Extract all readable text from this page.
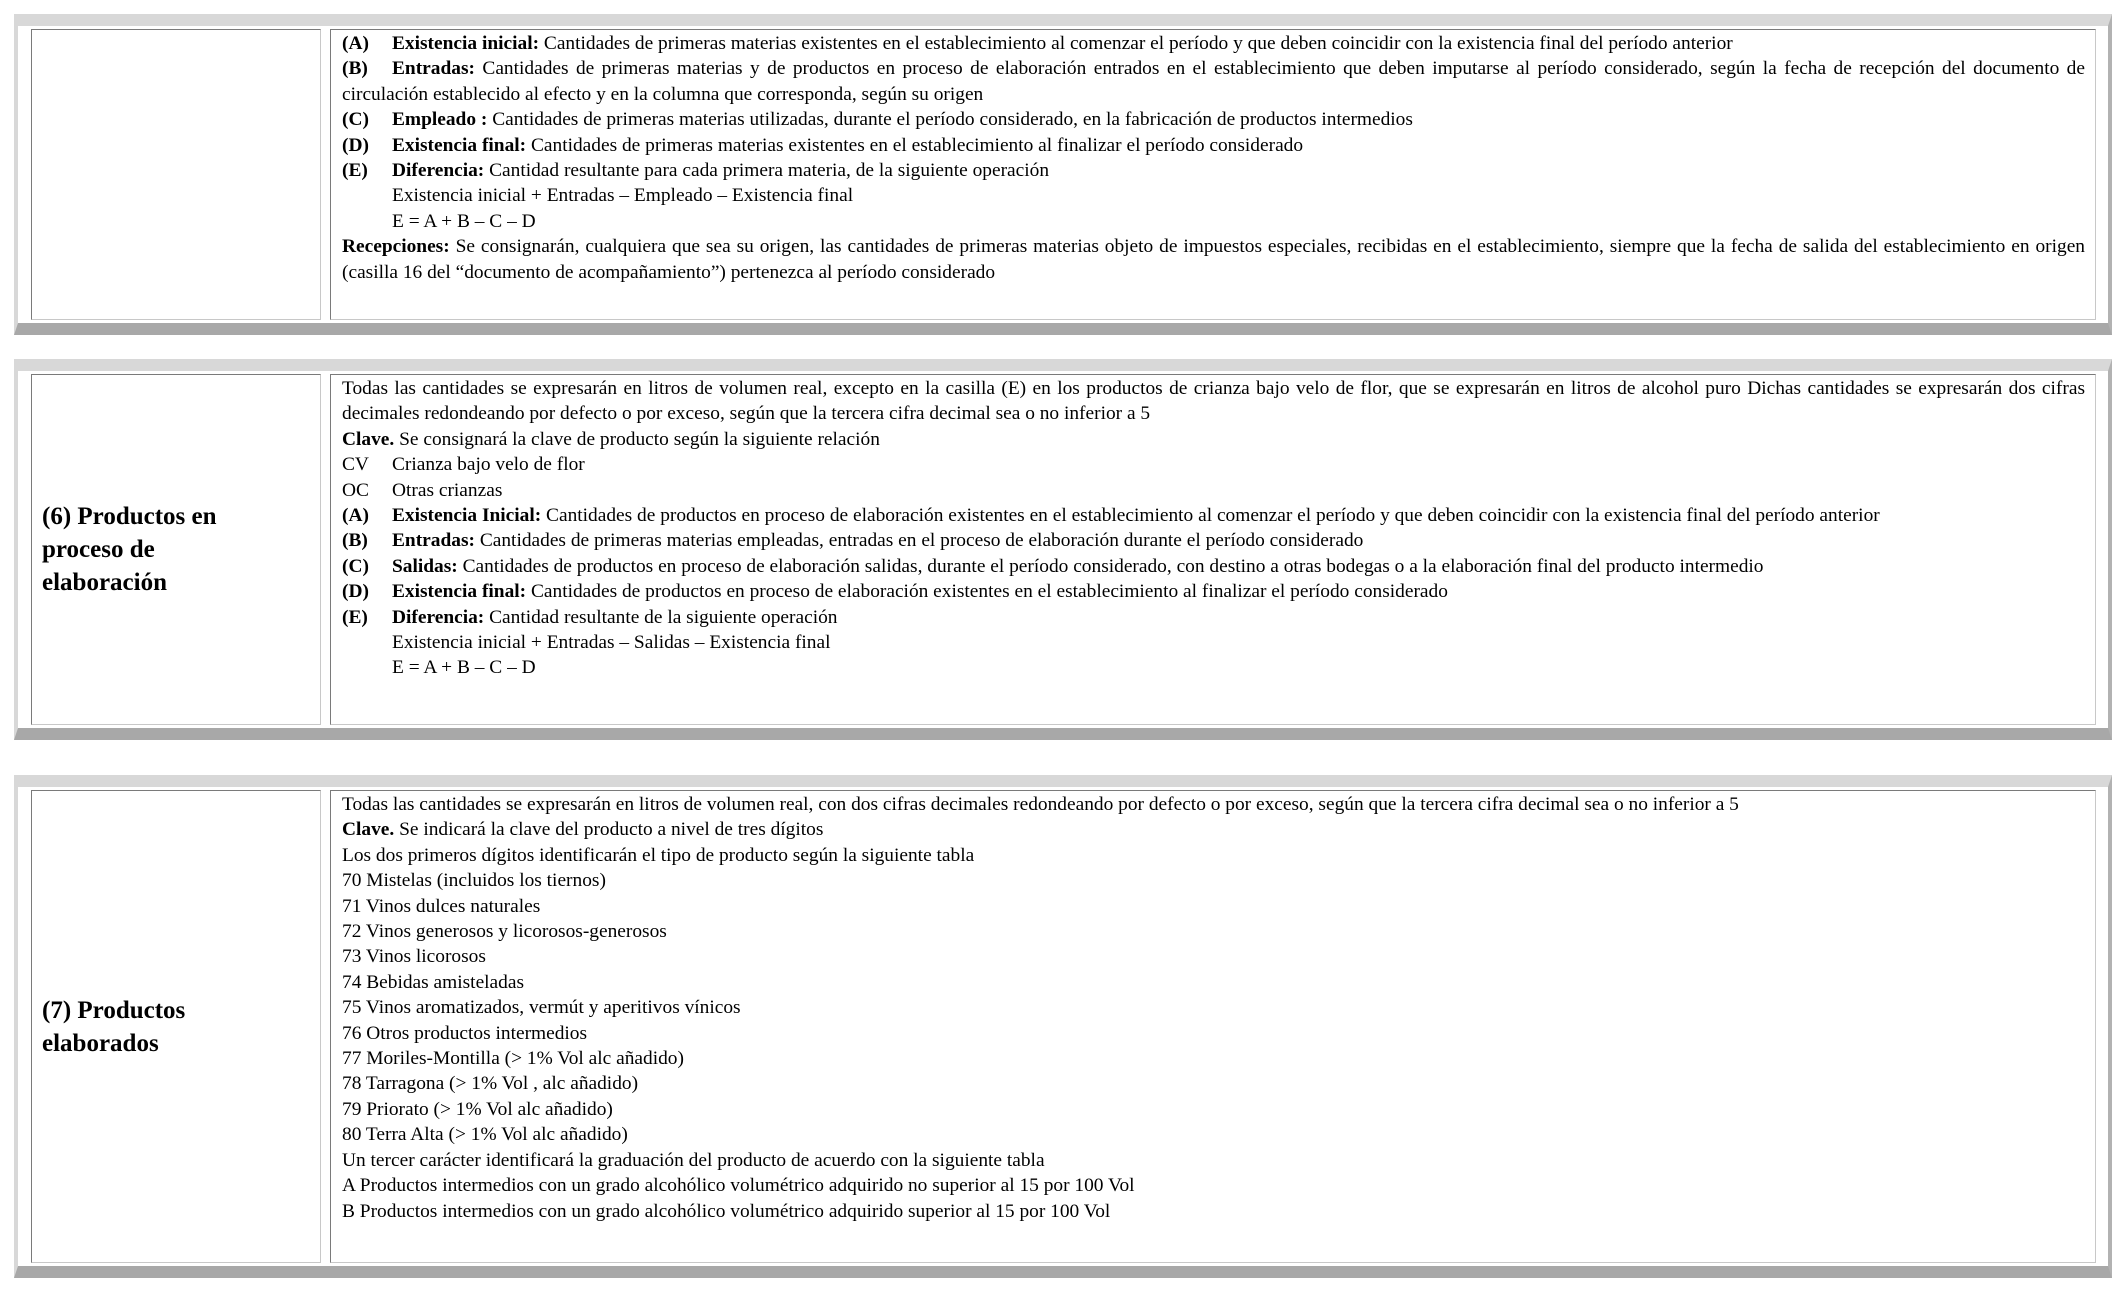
(A) Existencia inicial: Cantidades de primeras materias existentes en el establecimiento al comenzar el período y que deben coincidir con la existencia final del período anterior
(B) Entradas: Cantidades de primeras materias y de productos en proceso de elaboración entrados en el establecimiento que deben imputarse al período considerado, según la fecha de recepción del documento de circulación establecido al efecto y en la columna que corresponda, según su origen
(C) Empleado : Cantidades de primeras materias utilizadas, durante el período considerado, en la fabricación de productos intermedios
(D) Existencia final: Cantidades de primeras materias existentes en el establecimiento al finalizar el período considerado
(E) Diferencia: Cantidad resultante para cada primera materia, de la siguiente operación
Existencia inicial + Entradas – Empleado – Existencia final
E = A + B – C – D
Recepciones: Se consignarán, cualquiera que sea su origen, las cantidades de primeras materias objeto de impuestos especiales, recibidas en el establecimiento, siempre que la fecha de salida del establecimiento en origen (casilla 16 del “documento de acompañamiento”) pertenezca al período considerado
(6) Productos en
proceso de
elaboración
Todas las cantidades se expresarán en litros de volumen real, excepto en la casilla (E) en los productos de crianza bajo velo de flor, que se expresarán en litros de alcohol puro Dichas cantidades se expresarán dos cifras decimales redondeando por defecto o por exceso, según que la tercera cifra decimal sea o no inferior a 5
Clave. Se consignará la clave de producto según la siguiente relación
CV Crianza bajo velo de flor
OC Otras crianzas
(A) Existencia Inicial: Cantidades de productos en proceso de elaboración existentes en el establecimiento al comenzar el período y que deben coincidir con la existencia final del período anterior
(B) Entradas: Cantidades de primeras materias empleadas, entradas en el proceso de elaboración durante el período considerado
(C) Salidas: Cantidades de productos en proceso de elaboración salidas, durante el período considerado, con destino a otras bodegas o a la elaboración final del producto intermedio
(D) Existencia final: Cantidades de productos en proceso de elaboración existentes en el establecimiento al finalizar el período considerado
(E) Diferencia: Cantidad resultante de la siguiente operación
Existencia inicial + Entradas – Salidas – Existencia final
E = A + B – C – D
(7) Productos
elaborados
Todas las cantidades se expresarán en litros de volumen real, con dos cifras decimales redondeando por defecto o por exceso, según que la tercera cifra decimal sea o no inferior a 5
Clave. Se indicará la clave del producto a nivel de tres dígitos
Los dos primeros dígitos identificarán el tipo de producto según la siguiente tabla
70 Mistelas (incluidos los tiernos)
71 Vinos dulces naturales
72 Vinos generosos y licorosos-generosos
73 Vinos licorosos
74 Bebidas amisteladas
75 Vinos aromatizados, vermút y aperitivos vínicos
76 Otros productos intermedios
77 Moriles-Montilla (> 1% Vol alc añadido)
78 Tarragona (> 1% Vol , alc añadido)
79 Priorato (> 1% Vol alc añadido)
80 Terra Alta (> 1% Vol alc añadido)
Un tercer carácter identificará la graduación del producto de acuerdo con la siguiente tabla
A Productos intermedios con un grado alcohólico volumétrico adquirido no superior al 15 por 100 Vol
B Productos intermedios con un grado alcohólico volumétrico adquirido superior al 15 por 100 Vol
